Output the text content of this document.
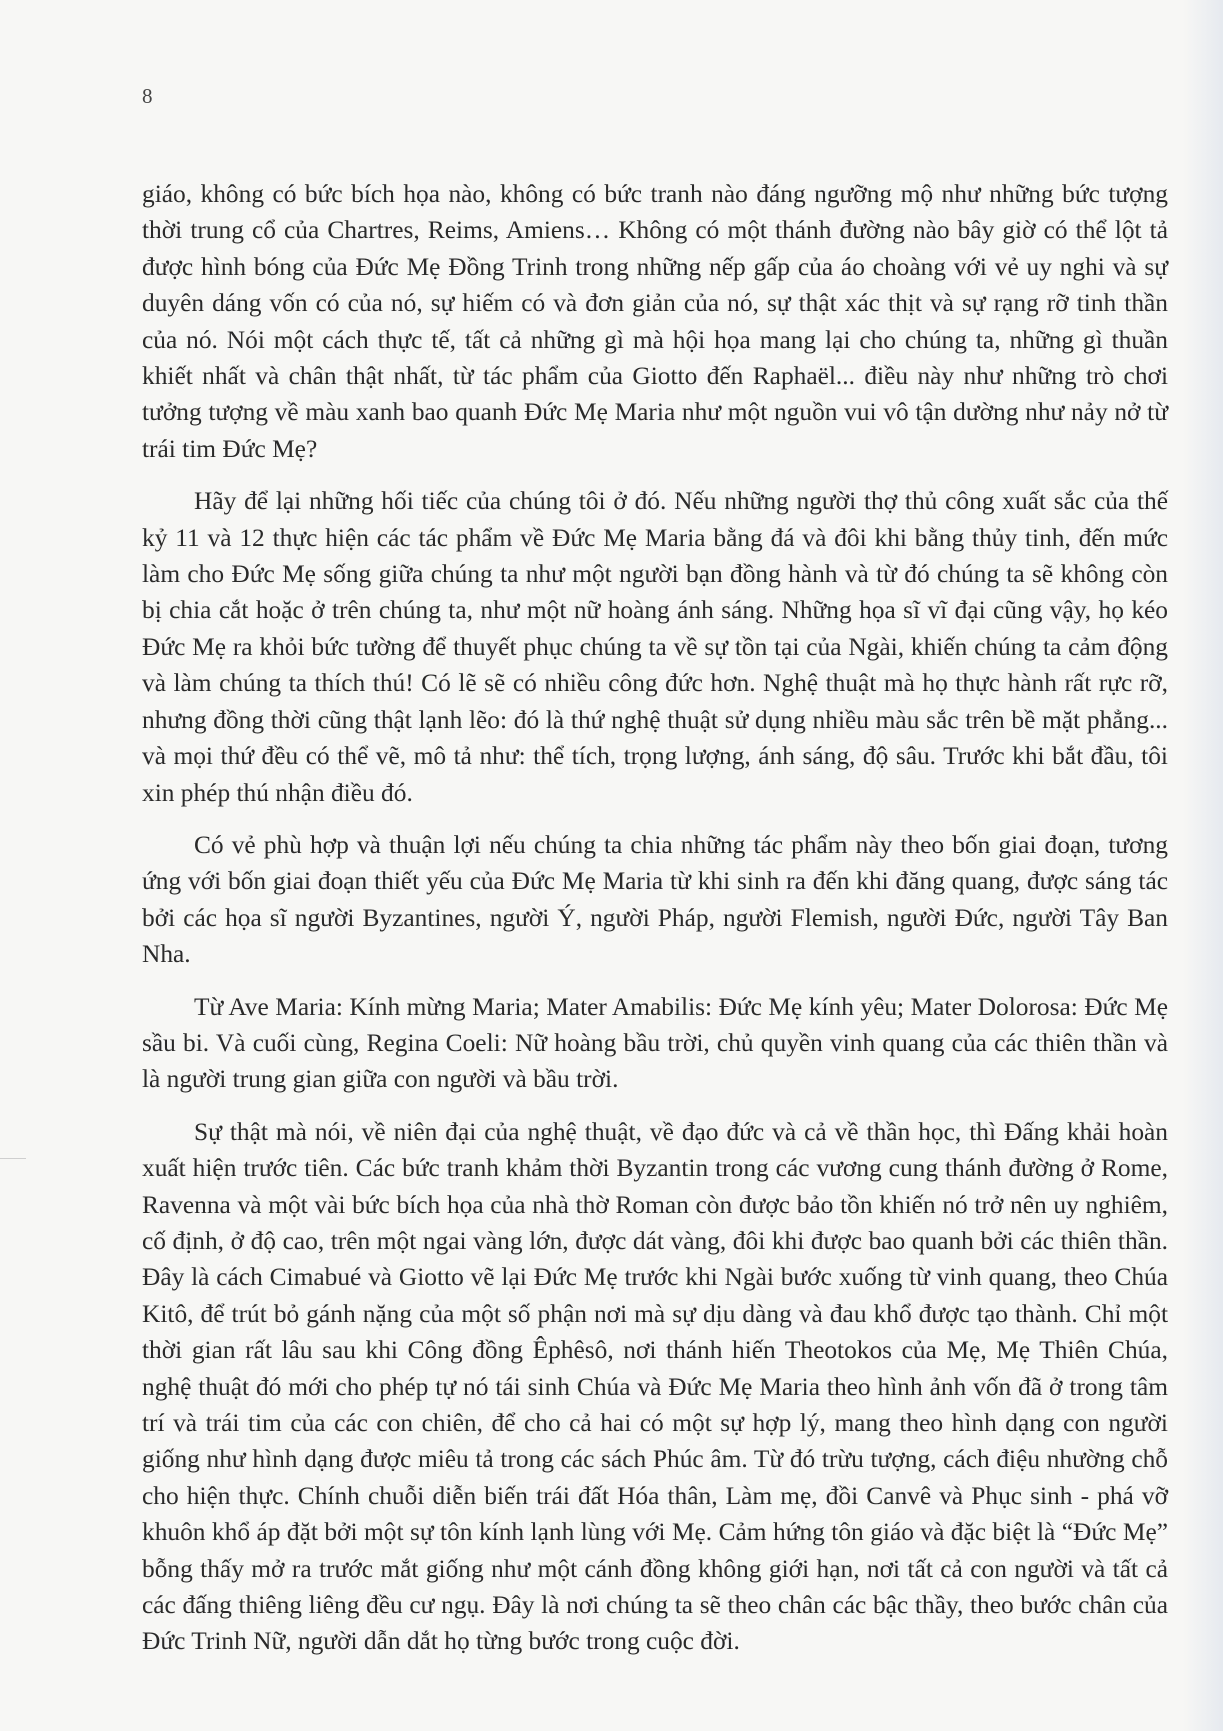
8

giáo, không có bức bích họa nào, không có bức tranh nào đáng ngưỡng mộ như những bức tượng thời trung cổ của Chartres, Reims, Amiens… Không có một thánh đường nào bây giờ có thể lột tả được hình bóng của Đức Mẹ Đồng Trinh trong những nếp gấp của áo choàng với vẻ uy nghi và sự duyên dáng vốn có của nó, sự hiếm có và đơn giản của nó, sự thật xác thịt và sự rạng rỡ tinh thần của nó. Nói một cách thực tế, tất cả những gì mà hội họa mang lại cho chúng ta, những gì thuần khiết nhất và chân thật nhất, từ tác phẩm của Giotto đến Raphaël... điều này như những trò chơi tưởng tượng về màu xanh bao quanh Đức Mẹ Maria như một nguồn vui vô tận dường như nảy nở từ trái tim Đức Mẹ?

Hãy để lại những hối tiếc của chúng tôi ở đó. Nếu những người thợ thủ công xuất sắc của thế kỷ 11 và 12 thực hiện các tác phẩm về Đức Mẹ Maria bằng đá và đôi khi bằng thủy tinh, đến mức làm cho Đức Mẹ sống giữa chúng ta như một người bạn đồng hành và từ đó chúng ta sẽ không còn bị chia cắt hoặc ở trên chúng ta, như một nữ hoàng ánh sáng. Những họa sĩ vĩ đại cũng vậy, họ kéo Đức Mẹ ra khỏi bức tường để thuyết phục chúng ta về sự tồn tại của Ngài, khiến chúng ta cảm động và làm chúng ta thích thú! Có lẽ sẽ có nhiều công đức hơn. Nghệ thuật mà họ thực hành rất rực rỡ, nhưng đồng thời cũng thật lạnh lẽo: đó là thứ nghệ thuật sử dụng nhiều màu sắc trên bề mặt phẳng... và mọi thứ đều có thể vẽ, mô tả như: thể tích, trọng lượng, ánh sáng, độ sâu. Trước khi bắt đầu, tôi xin phép thú nhận điều đó.

Có vẻ phù hợp và thuận lợi nếu chúng ta chia những tác phẩm này theo bốn giai đoạn, tương ứng với bốn giai đoạn thiết yếu của Đức Mẹ Maria từ khi sinh ra đến khi đăng quang, được sáng tác bởi các họa sĩ người Byzantines, người Ý, người Pháp, người Flemish, người Đức, người Tây Ban Nha.

Từ Ave Maria: Kính mừng Maria; Mater Amabilis: Đức Mẹ kính yêu; Mater Dolorosa: Đức Mẹ sầu bi. Và cuối cùng, Regina Coeli: Nữ hoàng bầu trời, chủ quyền vinh quang của các thiên thần và là người trung gian giữa con người và bầu trời.

Sự thật mà nói, về niên đại của nghệ thuật, về đạo đức và cả về thần học, thì Đấng khải hoàn xuất hiện trước tiên. Các bức tranh khảm thời Byzantin trong các vương cung thánh đường ở Rome, Ravenna và một vài bức bích họa của nhà thờ Roman còn được bảo tồn khiến nó trở nên uy nghiêm, cố định, ở độ cao, trên một ngai vàng lớn, được dát vàng, đôi khi được bao quanh bởi các thiên thần. Đây là cách Cimabué và Giotto vẽ lại Đức Mẹ trước khi Ngài bước xuống từ vinh quang, theo Chúa Kitô, để trút bỏ gánh nặng của một số phận nơi mà sự dịu dàng và đau khổ được tạo thành. Chỉ một thời gian rất lâu sau khi Công đồng Êphêsô, nơi thánh hiến Theotokos của Mẹ, Mẹ Thiên Chúa, nghệ thuật đó mới cho phép tự nó tái sinh Chúa và Đức Mẹ Maria theo hình ảnh vốn đã ở trong tâm trí và trái tim của các con chiên, để cho cả hai có một sự hợp lý, mang theo hình dạng con người giống như hình dạng được miêu tả trong các sách Phúc âm. Từ đó trừu tượng, cách điệu nhường chỗ cho hiện thực. Chính chuỗi diễn biến trái đất Hóa thân, Làm mẹ, đồi Canvê và Phục sinh - phá vỡ khuôn khổ áp đặt bởi một sự tôn kính lạnh lùng với Mẹ. Cảm hứng tôn giáo và đặc biệt là “Đức Mẹ” bỗng thấy mở ra trước mắt giống như một cánh đồng không giới hạn, nơi tất cả con người và tất cả các đấng thiêng liêng đều cư ngụ. Đây là nơi chúng ta sẽ theo chân các bậc thầy, theo bước chân của Đức Trinh Nữ, người dẫn dắt họ từng bước trong cuộc đời.
